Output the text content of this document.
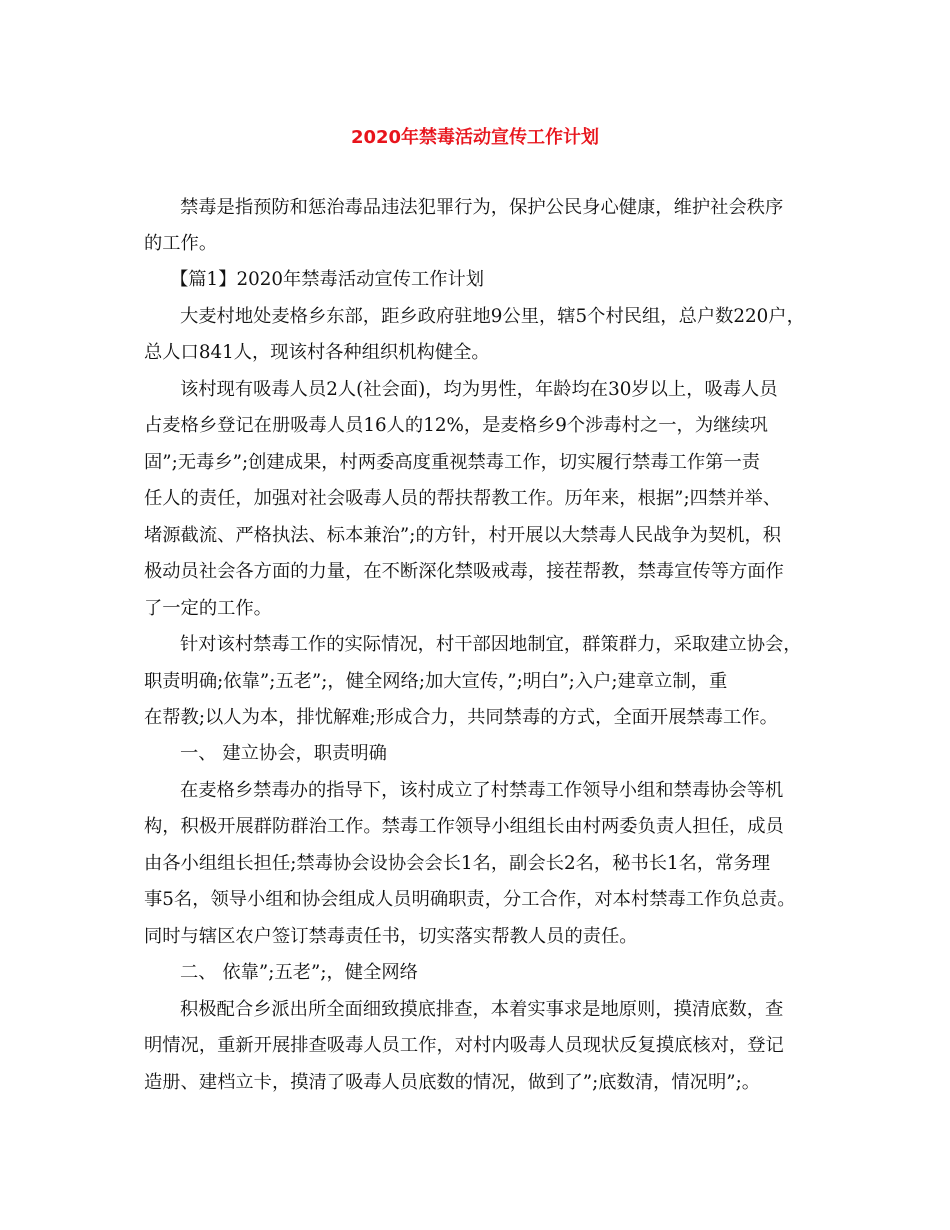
2020年禁毒活动宣传工作计划
禁毒是指预防和惩治毒品违法犯罪行为，保护公民身心健康，维护社会秩序
的工作。
【篇1】2020年禁毒活动宣传工作计划
大麦村地处麦格乡东部，距乡政府驻地9公里，辖5个村民组，总户数220户，
总人口841人，现该村各种组织机构健全。
该村现有吸毒人员2人(社会面)，均为男性，年龄均在30岁以上，吸毒人员
占麦格乡登记在册吸毒人员16人的12%，是麦格乡9个涉毒村之一，为继续巩
固”;无毒乡”;创建成果，村两委高度重视禁毒工作，切实履行禁毒工作第一责
任人的责任，加强对社会吸毒人员的帮扶帮教工作。历年来，根据”;四禁并举、
堵源截流、严格执法、标本兼治”;的方针，村开展以大禁毒人民战争为契机，积
极动员社会各方面的力量，在不断深化禁吸戒毒，接茬帮教，禁毒宣传等方面作
了一定的工作。
针对该村禁毒工作的实际情况，村干部因地制宜，群策群力，采取建立协会，
职责明确;依靠”;五老”;，健全网络;加大宣传，”;明白”;入户;建章立制，重
在帮教;以人为本，排忧解难;形成合力，共同禁毒的方式，全面开展禁毒工作。
一、 建立协会，职责明确
在麦格乡禁毒办的指导下，该村成立了村禁毒工作领导小组和禁毒协会等机
构，积极开展群防群治工作。禁毒工作领导小组组长由村两委负责人担任，成员
由各小组组长担任;禁毒协会设协会会长1名，副会长2名，秘书长1名，常务理
事5名，领导小组和协会组成人员明确职责，分工合作，对本村禁毒工作负总责。
同时与辖区农户签订禁毒责任书，切实落实帮教人员的责任。
二、 依靠”;五老”;，健全网络
积极配合乡派出所全面细致摸底排查，本着实事求是地原则，摸清底数，查
明情况，重新开展排查吸毒人员工作，对村内吸毒人员现状反复摸底核对，登记
造册、建档立卡，摸清了吸毒人员底数的情况，做到了”;底数清，情况明”;。
